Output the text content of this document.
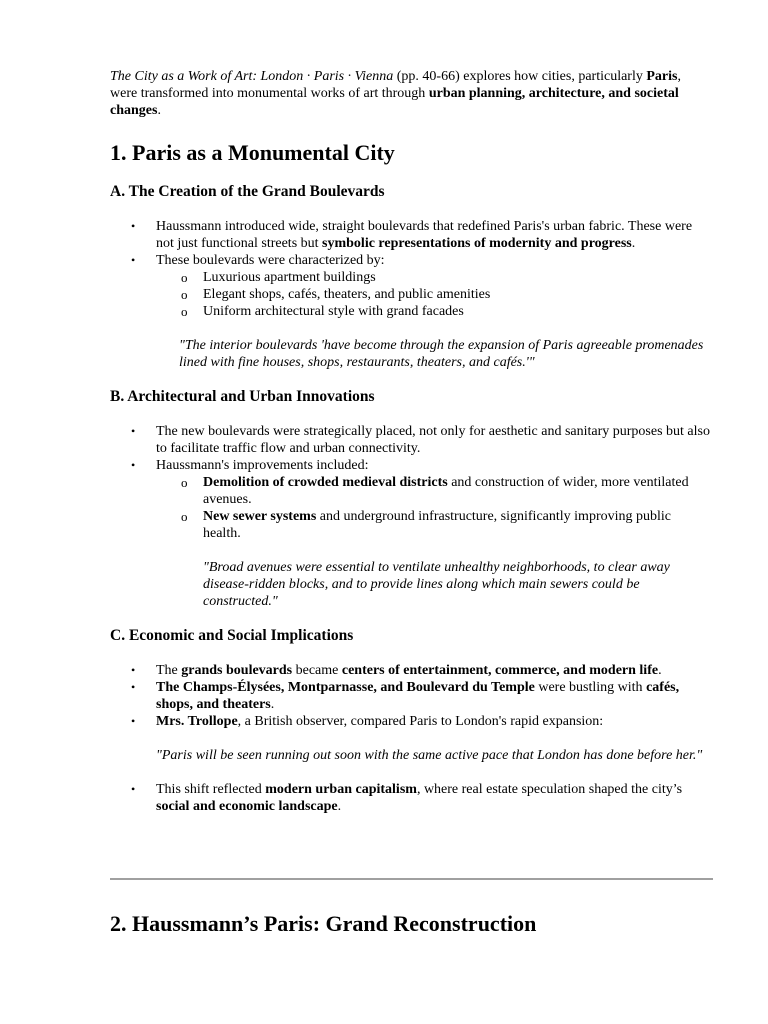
The City as a Work of Art: London · Paris · Vienna (pp. 40-66) explores how cities, particularly Paris, were transformed into monumental works of art through urban planning, architecture, and societal changes.

1. Paris as a Monumental City
A. The Creation of the Grand Boulevards
• Haussmann introduced wide, straight boulevards that redefined Paris's urban fabric. These were not just functional streets but symbolic representations of modernity and progress.
• These boulevards were characterized by:
o Luxurious apartment buildings
o Elegant shops, cafés, theaters, and public amenities
o Uniform architectural style with grand facades

"The interior boulevards 'have become through the expansion of Paris agreeable promenades lined with fine houses, shops, restaurants, theaters, and cafés.'"

B. Architectural and Urban Innovations
• The new boulevards were strategically placed, not only for aesthetic and sanitary purposes but also to facilitate traffic flow and urban connectivity.
• Haussmann's improvements included:
o Demolition of crowded medieval districts and construction of wider, more ventilated avenues.
o New sewer systems and underground infrastructure, significantly improving public health.

"Broad avenues were essential to ventilate unhealthy neighborhoods, to clear away disease-ridden blocks, and to provide lines along which main sewers could be constructed."

C. Economic and Social Implications
• The grands boulevards became centers of entertainment, commerce, and modern life.
• The Champs-Élysées, Montparnasse, and Boulevard du Temple were bustling with cafés, shops, and theaters.
• Mrs. Trollope, a British observer, compared Paris to London's rapid expansion:

"Paris will be seen running out soon with the same active pace that London has done before her."

• This shift reflected modern urban capitalism, where real estate speculation shaped the city’s social and economic landscape.
2. Haussmann’s Paris: Grand Reconstruction
